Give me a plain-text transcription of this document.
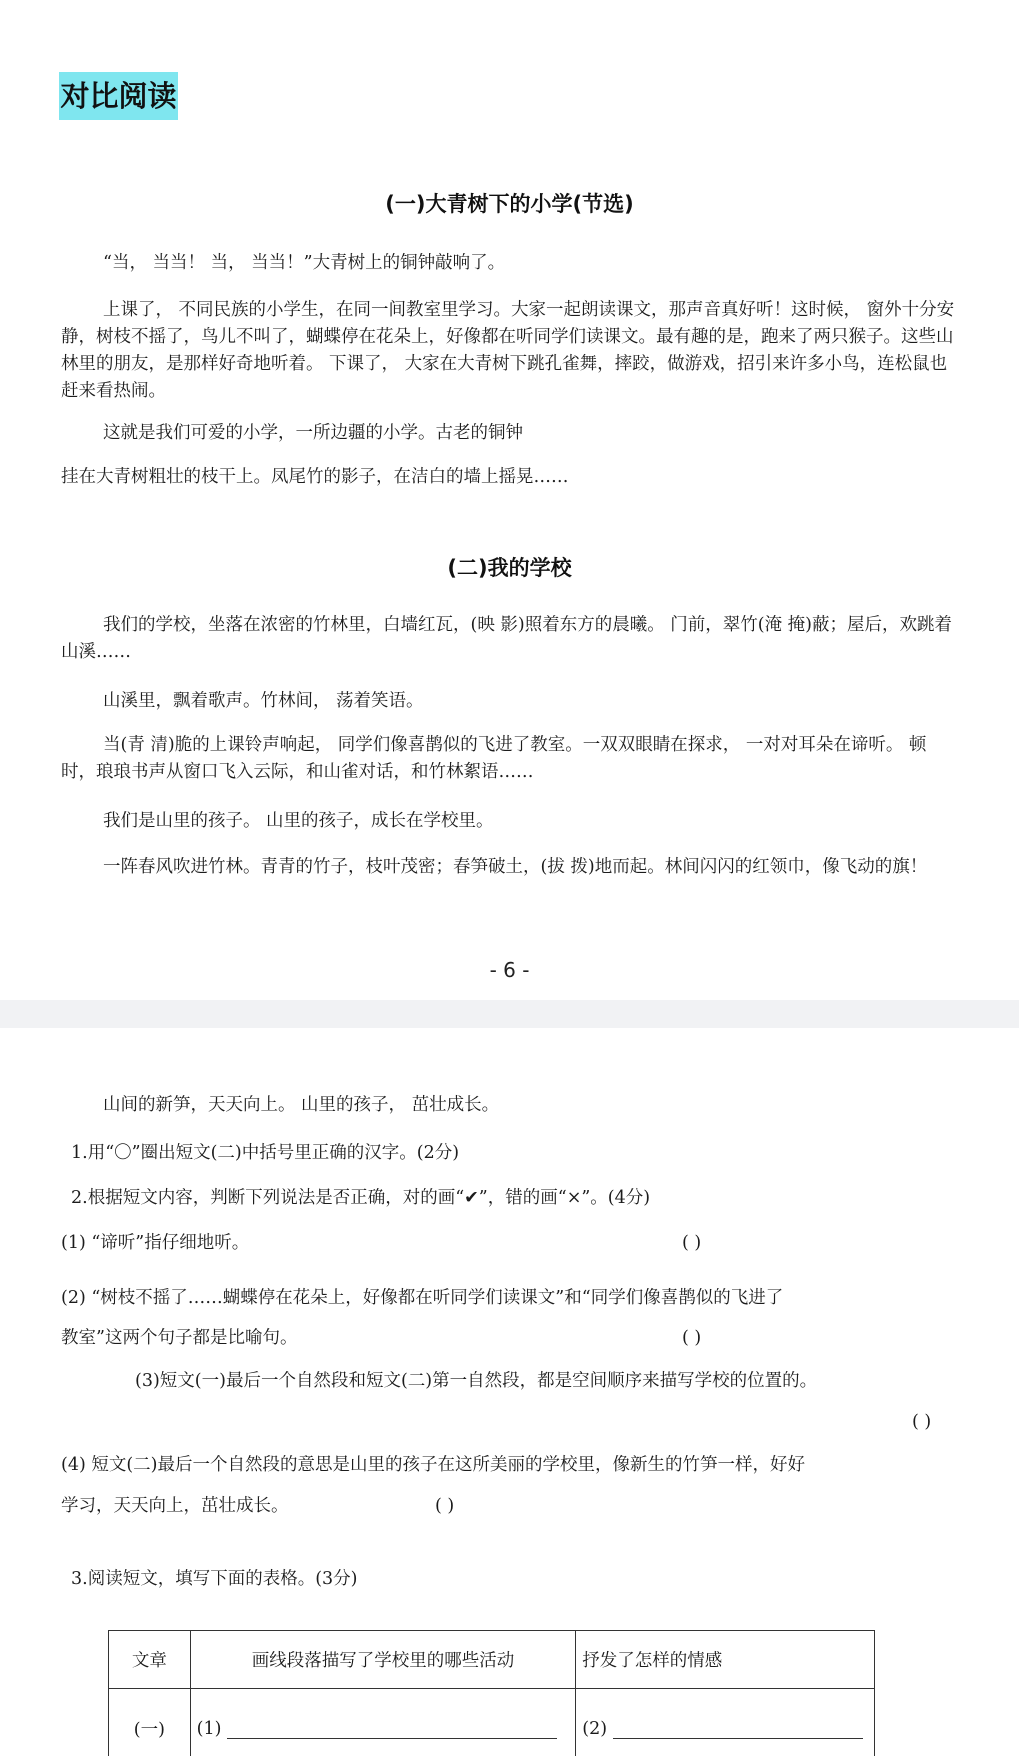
对比阅读
(一)大青树下的小学(节选)
“当， 当当！ 当， 当当！”大青树上的铜钟敲响了。
上课了， 不同民族的小学生，在同一间教室里学习。大家一起朗读课文，那声音真好听！这时候， 窗外十分安静，树枝不摇了，鸟儿不叫了，蝴蝶停在花朵上，好像都在听同学们读课文。最有趣的是，跑来了两只猴子。这些山林里的朋友，是那样好奇地听着。 下课了， 大家在大青树下跳孔雀舞，摔跤，做游戏，招引来许多小鸟，连松鼠也赶来看热闹。
这就是我们可爱的小学，一所边疆的小学。古老的铜钟
挂在大青树粗壮的枝干上。凤尾竹的影子，在洁白的墙上摇晃……
(二)我的学校
我们的学校，坐落在浓密的竹林里，白墙红瓦，(映 影)照着东方的晨曦。 门前，翠竹(淹 掩)蔽；屋后，欢跳着山溪……
山溪里，飘着歌声。竹林间， 荡着笑语。
当(青 清)脆的上课铃声响起， 同学们像喜鹊似的飞进了教室。一双双眼睛在探求， 一对对耳朵在谛听。 顿时，琅琅书声从窗口飞入云际，和山雀对话，和竹林絮语……
我们是山里的孩子。 山里的孩子，成长在学校里。
一阵春风吹进竹林。青青的竹子，枝叶茂密；春笋破土，(拔 拨)地而起。林间闪闪的红领巾，像飞动的旗！
- 6 -
山间的新笋，天天向上。 山里的孩子， 茁壮成长。
1.用“〇”圈出短文(二)中括号里正确的汉字。(2分)
2.根据短文内容，判断下列说法是否正确，对的画“✔”，错的画“×”。(4分)
(1) “谛听”指仔细地听。	( )
(2) “树枝不摇了……蝴蝶停在花朵上，好像都在听同学们读课文”和“同学们像喜鹊似的飞进了
教室”这两个句子都是比喻句。	( )
(3)短文(一)最后一个自然段和短文(二)第一自然段，都是空间顺序来描写学校的位置的。
( )
(4) 短文(二)最后一个自然段的意思是山里的孩子在这所美丽的学校里，像新生的竹笋一样，好好
学习，天天向上，茁壮成长。	( )
3.阅读短文，填写下面的表格。(3分)
文章	画线段落描写了学校里的哪些活动	抒发了怎样的情感
(一)	(1)	(2)
